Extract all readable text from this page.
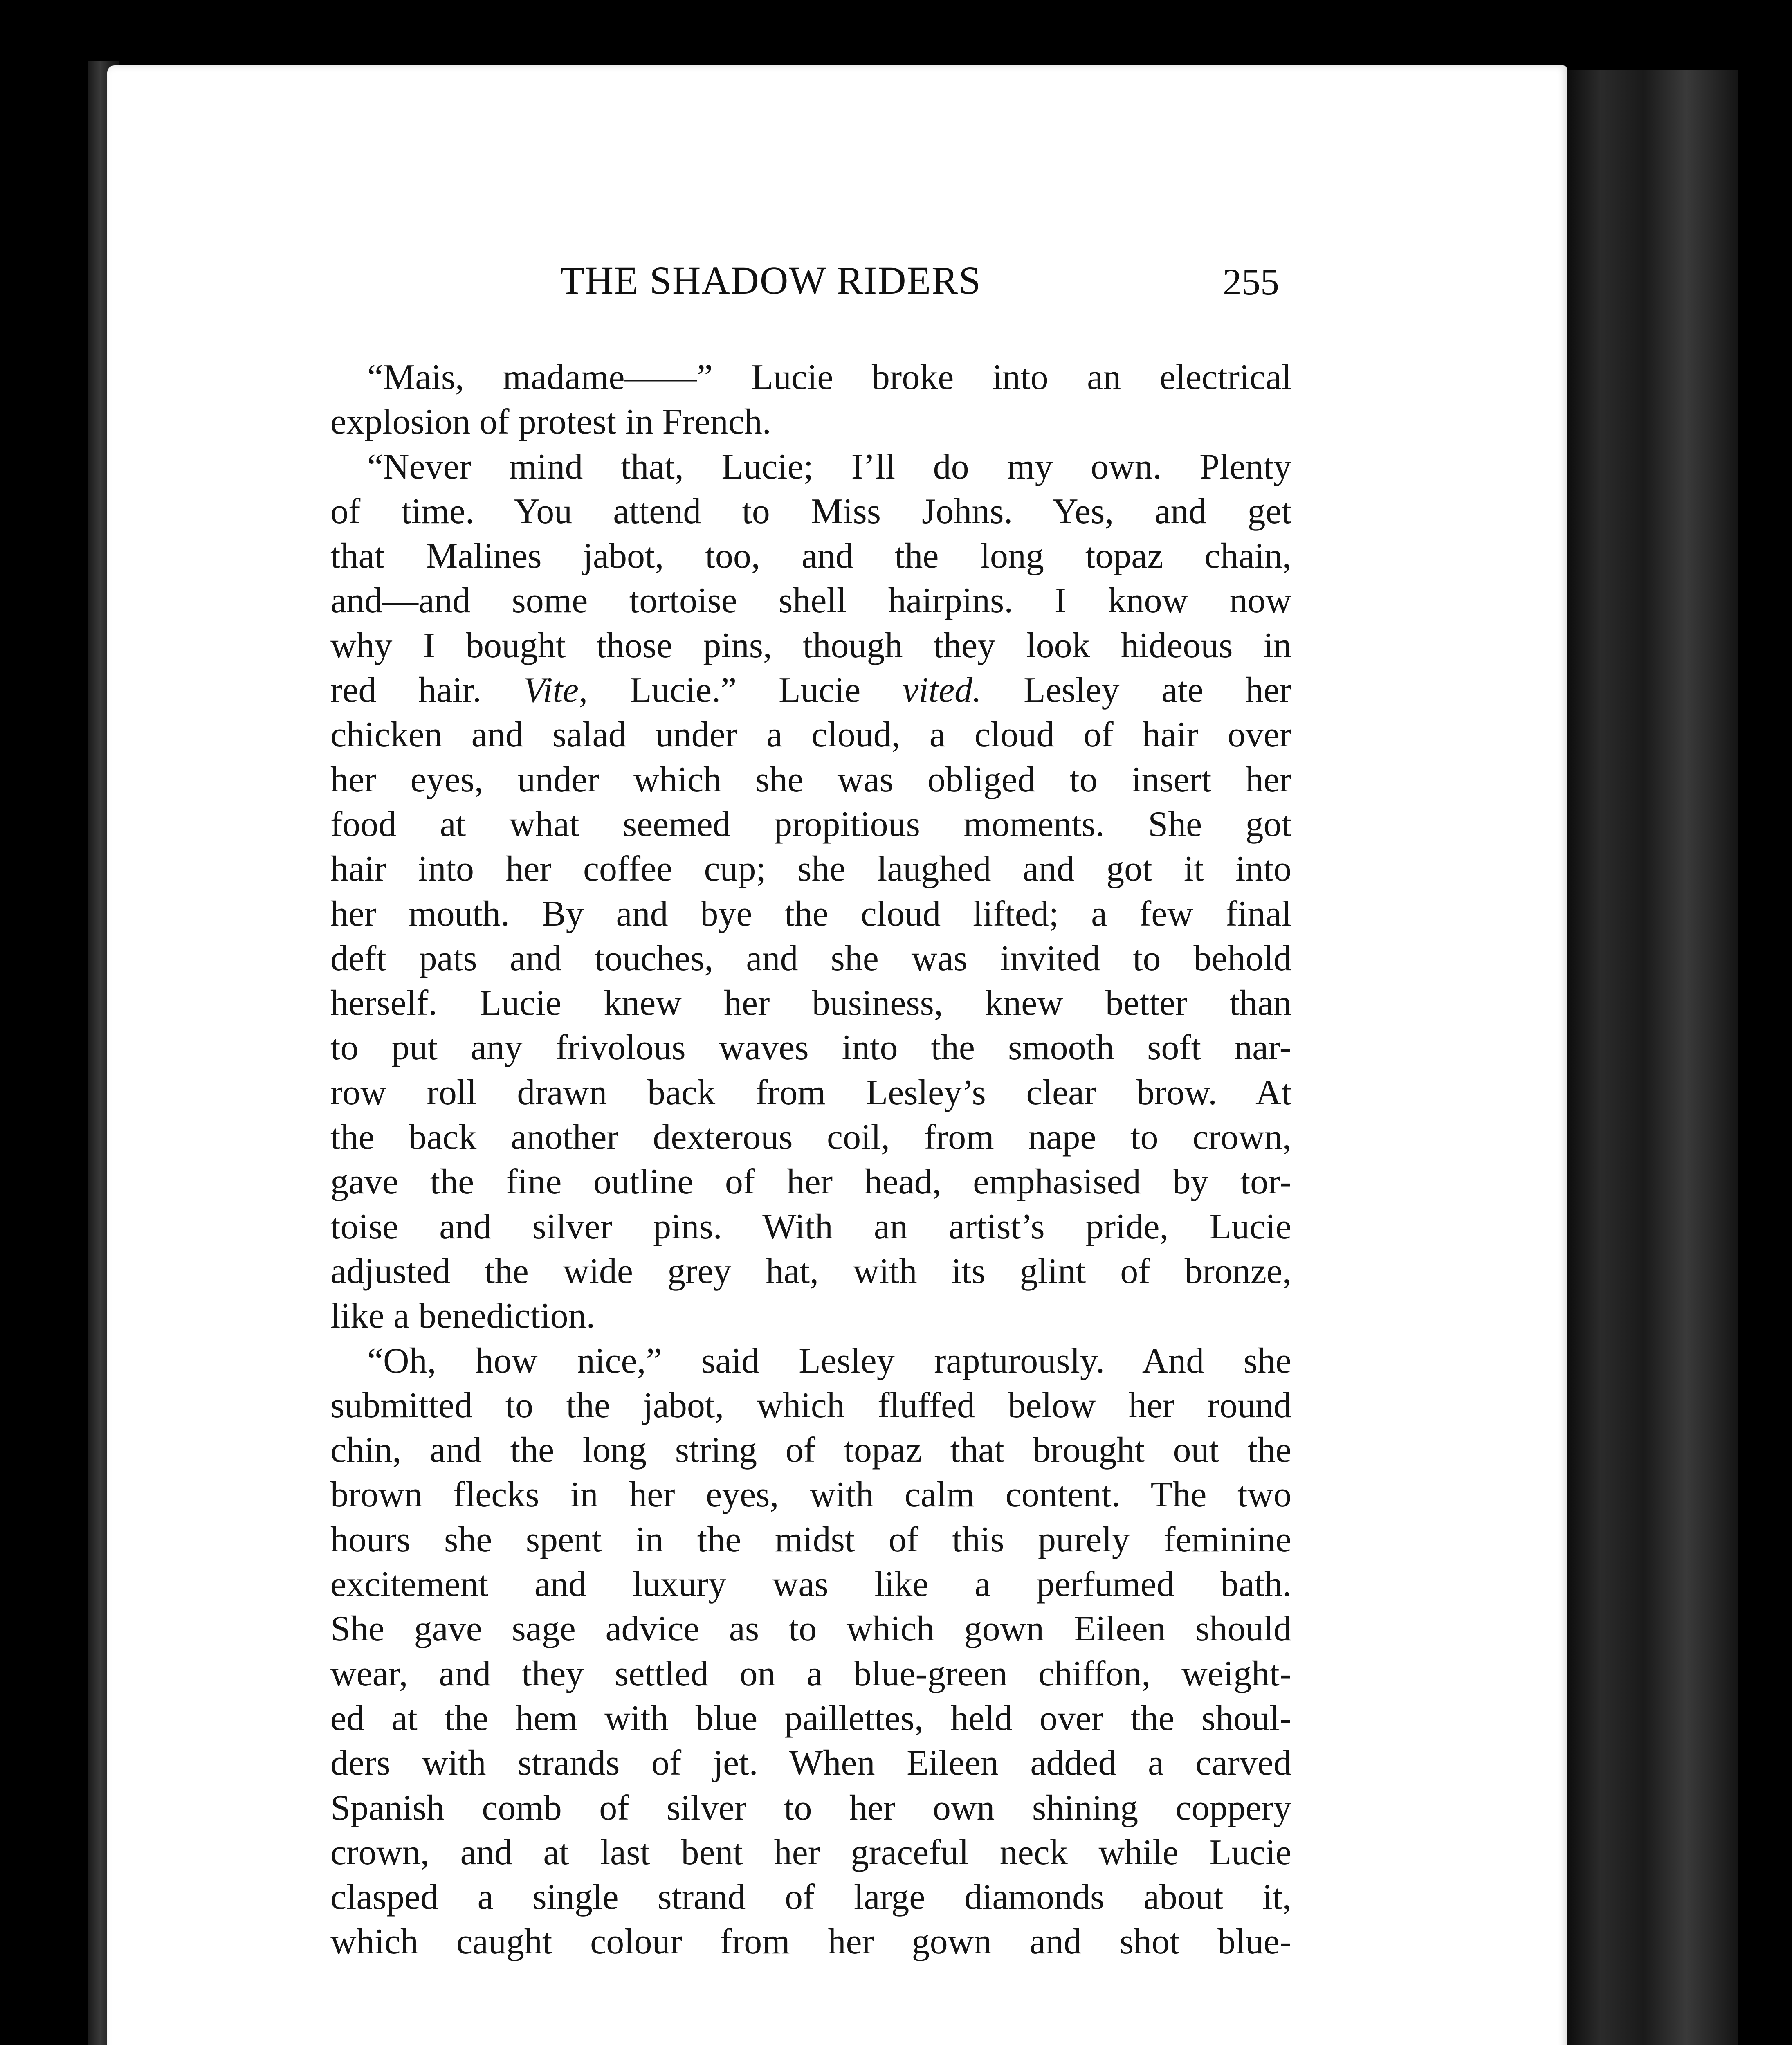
THE SHADOW RIDERS	255
“Mais, madame——” Lucie broke into an electrical
explosion of protest in French.
“Never mind that, Lucie; I’ll do my own. Plenty
of time. You attend to Miss Johns. Yes, and get
that Malines jabot, too, and the long topaz chain,
and—and some tortoise shell hairpins. I know now
why I bought those pins, though they look hideous in
red hair. Vite, Lucie.” Lucie vited. Lesley ate her
chicken and salad under a cloud, a cloud of hair over
her eyes, under which she was obliged to insert her
food at what seemed propitious moments. She got
hair into her coffee cup; she laughed and got it into
her mouth. By and bye the cloud lifted; a few final
deft pats and touches, and she was invited to behold
herself. Lucie knew her business, knew better than
to put any frivolous waves into the smooth soft nar-
row roll drawn back from Lesley’s clear brow. At
the back another dexterous coil, from nape to crown,
gave the fine outline of her head, emphasised by tor-
toise and silver pins. With an artist’s pride, Lucie
adjusted the wide grey hat, with its glint of bronze,
like a benediction.
“Oh, how nice,” said Lesley rapturously. And she
submitted to the jabot, which fluffed below her round
chin, and the long string of topaz that brought out the
brown flecks in her eyes, with calm content. The two
hours she spent in the midst of this purely feminine
excitement and luxury was like a perfumed bath.
She gave sage advice as to which gown Eileen should
wear, and they settled on a blue-green chiffon, weight-
ed at the hem with blue paillettes, held over the shoul-
ders with strands of jet. When Eileen added a carved
Spanish comb of silver to her own shining coppery
crown, and at last bent her graceful neck while Lucie
clasped a single strand of large diamonds about it,
which caught colour from her gown and shot blue-
